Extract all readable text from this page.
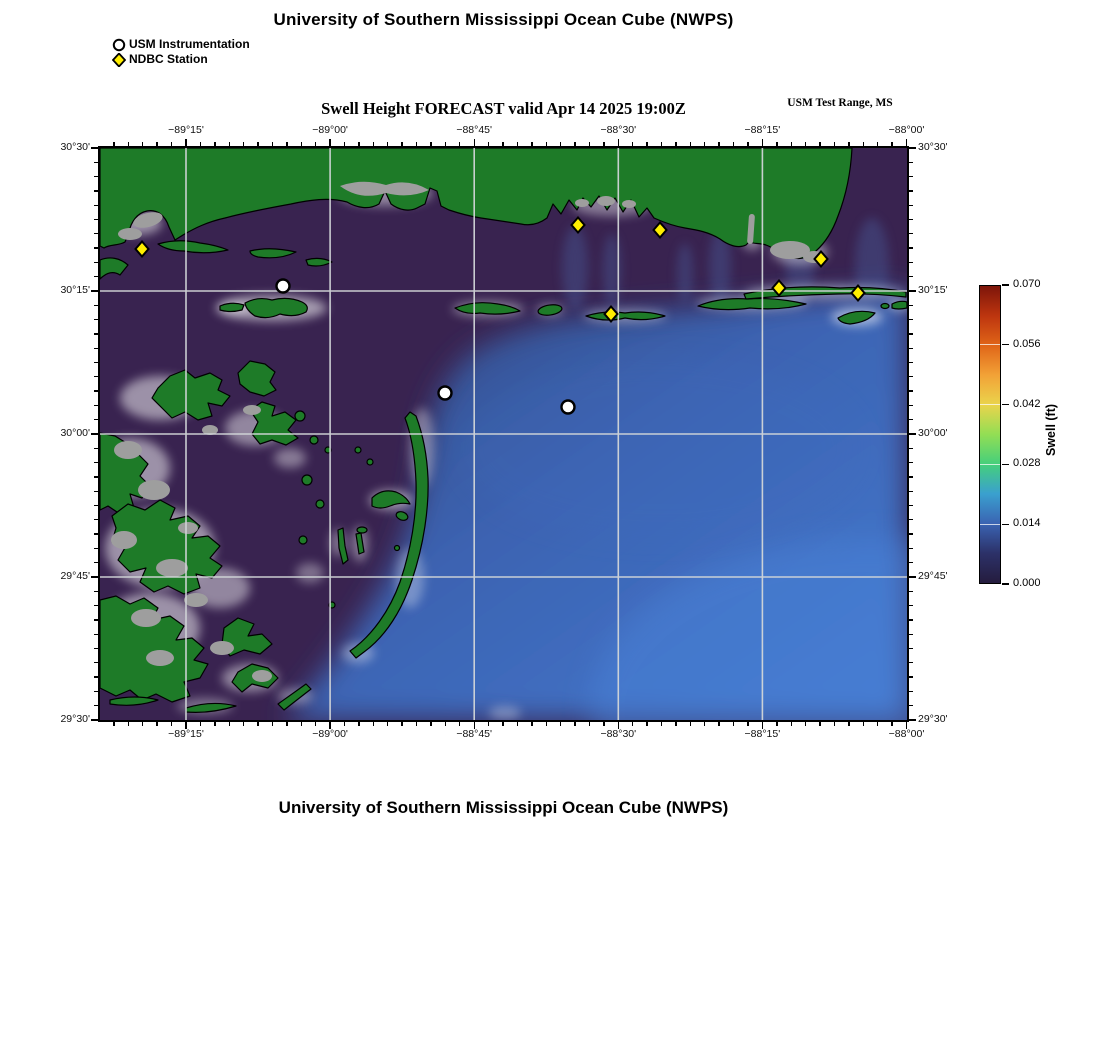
University of Southern Mississippi Ocean Cube (NWPS)
USM Instrumentation
NDBC Station
Swell Height FORECAST valid Apr 14 2025 19:00Z	USM Test Range, MS
University of Southern Mississippi Ocean Cube (NWPS)
Swell (ft)
−89°15'
−89°15'
−89°00'
−89°00'
−88°45'
−88°45'
−88°30'
−88°30'
−88°15'
−88°15'
−88°00'
−88°00'
30°30'	30°30'
30°15'	30°15'
30°00'	30°00'
29°45'	29°45'
29°30'	29°30'
0.070
0.056
0.042
0.028
0.014
0.000
